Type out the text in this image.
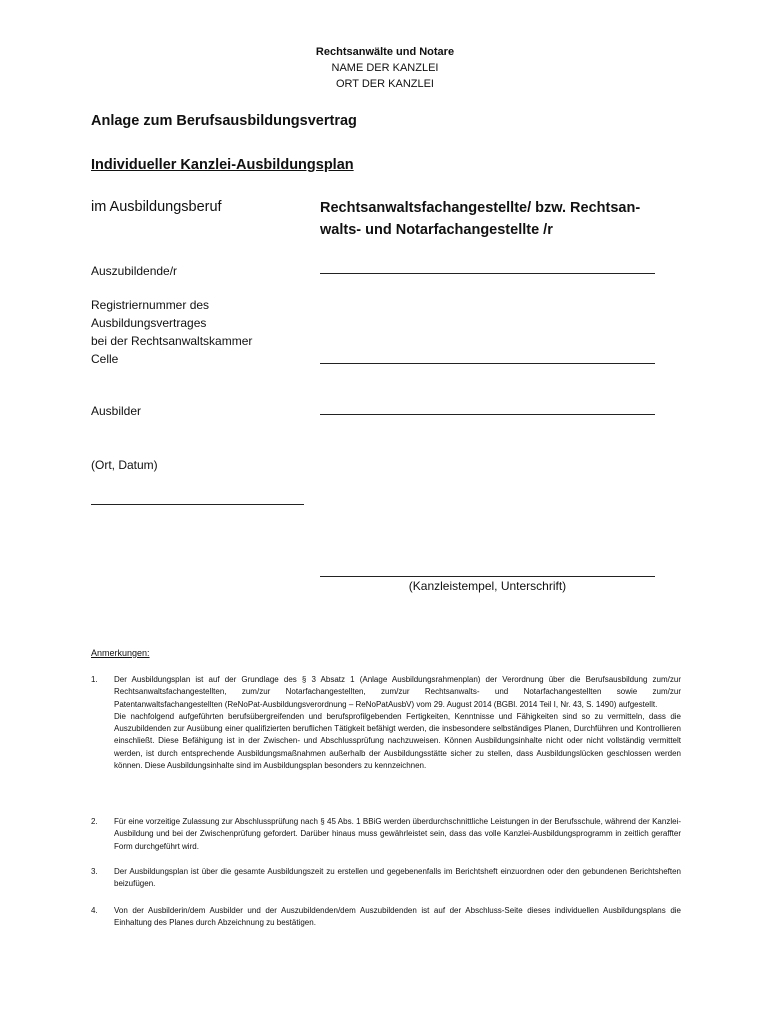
Rechtsanwälte und Notare
NAME DER KANZLEI
ORT DER KANZLEI
Anlage zum Berufsausbildungsvertrag
Individueller Kanzlei-Ausbildungsplan
im Ausbildungsberuf	Rechtsanwaltsfachangestellte/ bzw. Rechtsan-
walts- und Notarfachangestellte /r
Auszubildende/r
Registriernummer des
Ausbildungsvertrages
bei der Rechtsanwaltskammer
Celle
Ausbilder
(Ort, Datum)
(Kanzleistempel, Unterschrift)
Anmerkungen:
1.	Der Ausbildungsplan ist auf der Grundlage des § 3 Absatz 1 (Anlage Ausbildungsrahmenplan) der Verordnung über die Berufsausbildung zum/zur Rechtsanwaltsfachangestellten, zum/zur Notarfachangestellten, zum/zur Rechtsanwalts- und Notarfachangestellten sowie zum/zur Patentanwaltsfachangestellten (ReNoPat-Ausbildungsverordnung – ReNoPatAusbV) vom 29. August 2014 (BGBl. 2014 Teil I, Nr. 43, S. 1490) aufgestellt.

Die nachfolgend aufgeführten berufsübergreifenden und berufsprofilgebenden Fertigkeiten, Kenntnisse und Fähigkeiten sind so zu vermitteln, dass die Auszubildenden zur Ausübung einer qualifizierten beruflichen Tätigkeit befähigt werden, die insbesondere selbständiges Planen, Durchführen und Kontrollieren einschließt. Diese Befähigung ist in der Zwischen- und Abschlussprüfung nachzuweisen. Können Ausbildungsinhalte nicht oder nicht vollständig vermittelt werden, ist durch entsprechende Ausbildungsmaßnahmen außerhalb der Ausbildungsstätte sicher zu stellen, dass Ausbildungslücken geschlossen werden können. Diese Ausbildungsinhalte sind im Ausbildungsplan besonders zu kennzeichnen.

2.	Für eine vorzeitige Zulassung zur Abschlussprüfung nach § 45 Abs. 1 BBiG werden überdurchschnittliche Leistungen in der Berufsschule, während der Kanzlei-Ausbildung und bei der Zwischenprüfung gefordert. Darüber hinaus muss gewährleistet sein, dass das volle Kanzlei-Ausbildungsprogramm in zeitlich geraffter Form durchgeführt wird.

3.	Der Ausbildungsplan ist über die gesamte Ausbildungszeit zu erstellen und gegebenenfalls im Berichtsheft einzuordnen oder den gebundenen Berichtsheften beizufügen.

4.	Von der Ausbilderin/dem Ausbilder und der Auszubildenden/dem Auszubildenden ist auf der Abschluss-Seite dieses individuellen Ausbildungsplans die Einhaltung des Planes durch Abzeichnung zu bestätigen.
